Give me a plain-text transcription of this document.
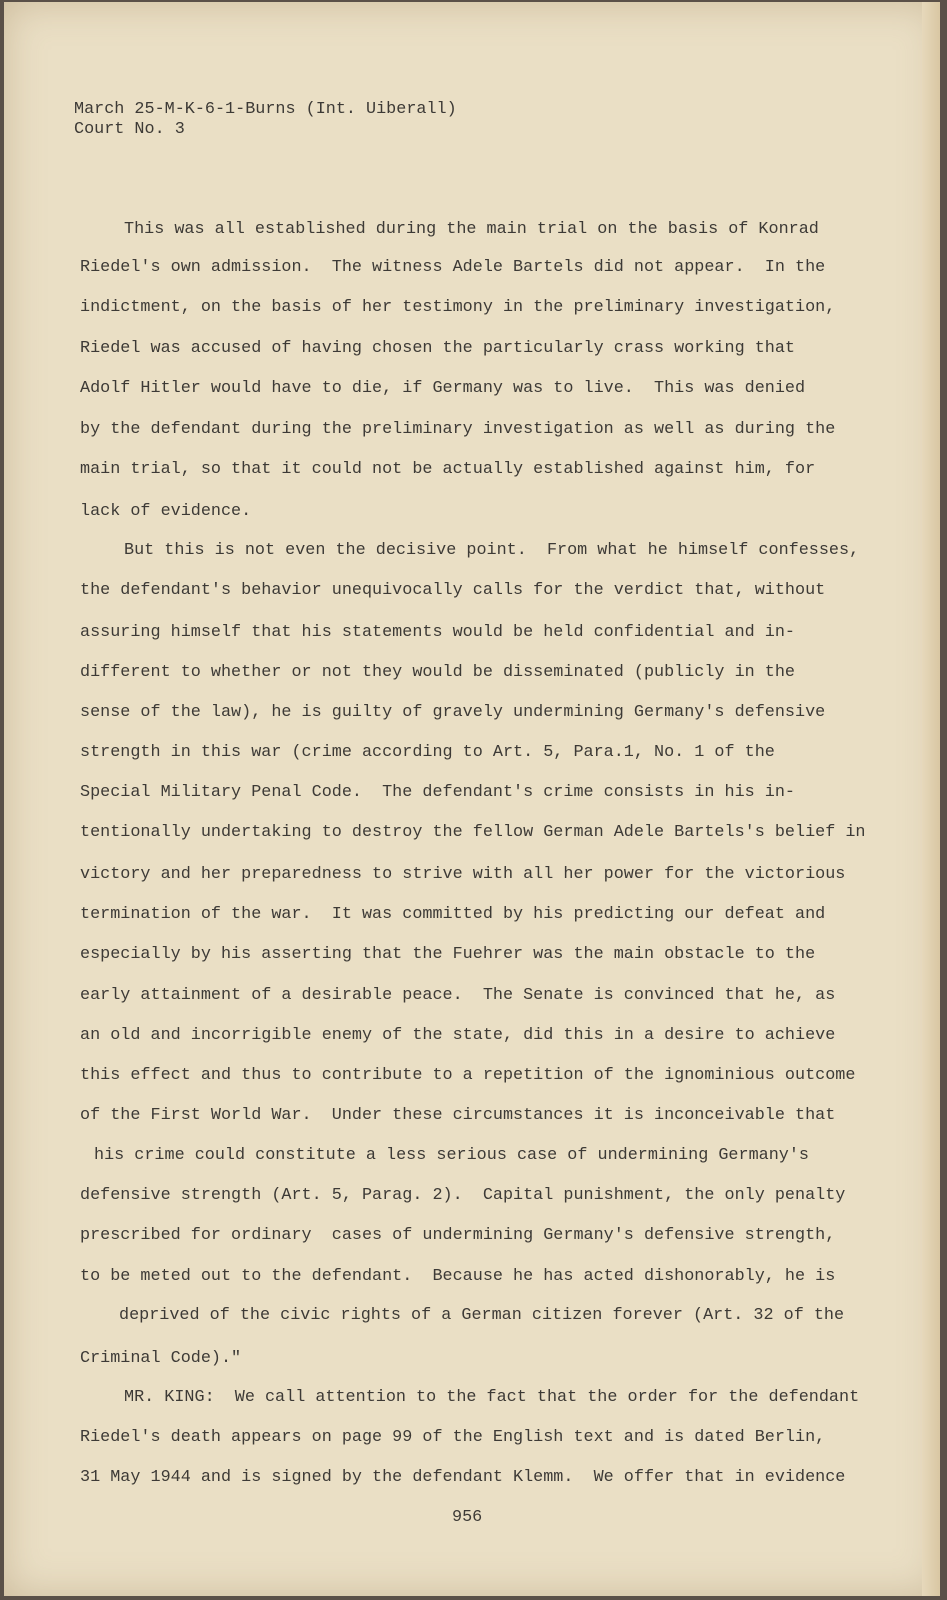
March 25-M-K-6-1-Burns (Int. Uiberall)
Court No. 3
This was all established during the main trial on the basis of Konrad
Riedel's own admission.  The witness Adele Bartels did not appear.  In the
indictment, on the basis of her testimony in the preliminary investigation,
Riedel was accused of having chosen the particularly crass working that
Adolf Hitler would have to die, if Germany was to live.  This was denied
by the defendant during the preliminary investigation as well as during the
main trial, so that it could not be actually established against him, for
lack of evidence.
But this is not even the decisive point.  From what he himself confesses,
the defendant's behavior unequivocally calls for the verdict that, without
assuring himself that his statements would be held confidential and in-
different to whether or not they would be disseminated (publicly in the
sense of the law), he is guilty of gravely undermining Germany's defensive
strength in this war (crime according to Art. 5, Para.1, No. 1 of the
Special Military Penal Code.  The defendant's crime consists in his in-
tentionally undertaking to destroy the fellow German Adele Bartels's belief in
victory and her preparedness to strive with all her power for the victorious
termination of the war.  It was committed by his predicting our defeat and
especially by his asserting that the Fuehrer was the main obstacle to the
early attainment of a desirable peace.  The Senate is convinced that he, as
an old and incorrigible enemy of the state, did this in a desire to achieve
this effect and thus to contribute to a repetition of the ignominious outcome
of the First World War.  Under these circumstances it is inconceivable that
his crime could constitute a less serious case of undermining Germany's
defensive strength (Art. 5, Parag. 2).  Capital punishment, the only penalty
prescribed for ordinary  cases of undermining Germany's defensive strength,
to be meted out to the defendant.  Because he has acted dishonorably, he is
deprived of the civic rights of a German citizen forever (Art. 32 of the
Criminal Code)."
MR. KING:  We call attention to the fact that the order for the defendant
Riedel's death appears on page 99 of the English text and is dated Berlin,
31 May 1944 and is signed by the defendant Klemm.  We offer that in evidence
956
